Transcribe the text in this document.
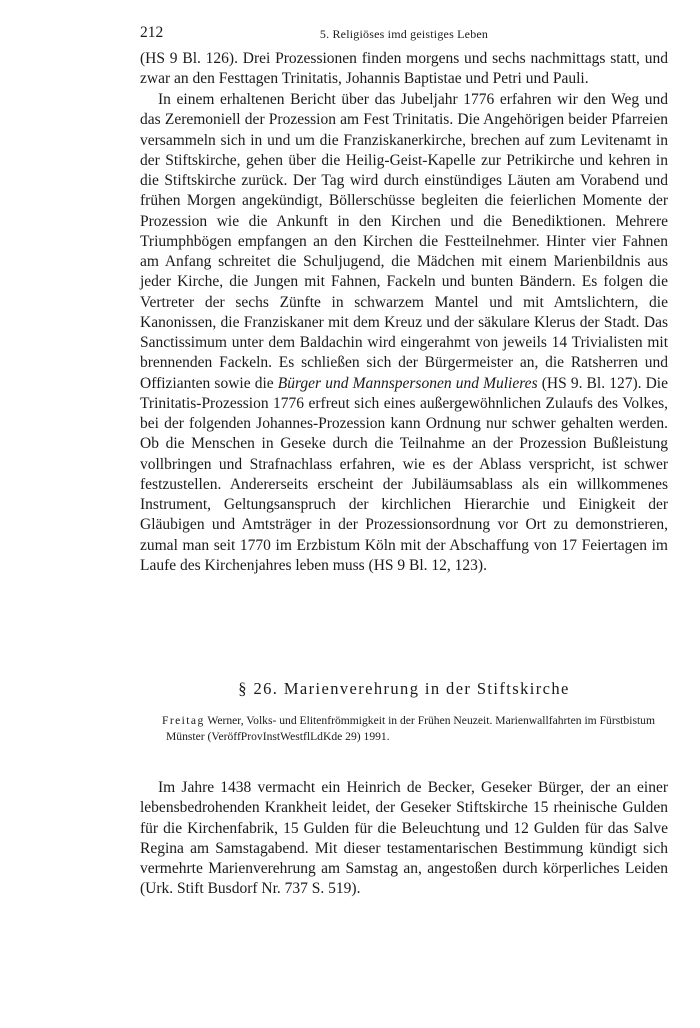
212	5. Religiöses imd geistiges Leben

(HS 9 Bl. 126). Drei Prozessionen finden morgens und sechs nachmittags statt, und zwar an den Festtagen Trinitatis, Johannis Baptistae und Petri und Pauli.

In einem erhaltenen Bericht über das Jubeljahr 1776 erfahren wir den Weg und das Zeremoniell der Prozession am Fest Trinitatis. Die Angehörigen beider Pfarreien versammeln sich in und um die Franziskanerkirche, brechen auf zum Levitenamt in der Stiftskirche, gehen über die Heilig-Geist-Kapelle zur Petrikirche und kehren in die Stiftskirche zurück. Der Tag wird durch einstündiges Läuten am Vorabend und frühen Morgen angekündigt, Böllerschüsse begleiten die feierlichen Momente der Prozession wie die Ankunft in den Kirchen und die Benediktionen. Mehrere Triumphbögen empfangen an den Kirchen die Festteilnehmer. Hinter vier Fahnen am Anfang schreitet die Schuljugend, die Mädchen mit einem Marienbildnis aus jeder Kirche, die Jungen mit Fahnen, Fackeln und bunten Bändern. Es folgen die Vertreter der sechs Zünfte in schwarzem Mantel und mit Amtslichtern, die Kanonissen, die Franziskaner mit dem Kreuz und der säkulare Klerus der Stadt. Das Sanctissimum unter dem Baldachin wird eingerahmt von jeweils 14 Trivialisten mit brennenden Fackeln. Es schließen sich der Bürgermeister an, die Ratsherren und Offizianten sowie die Bürger und Mannspersonen und Mulieres (HS 9. Bl. 127). Die Trinitatis-Prozession 1776 erfreut sich eines außergewöhnlichen Zulaufs des Volkes, bei der folgenden Johannes-Prozession kann Ordnung nur schwer gehalten werden. Ob die Menschen in Geseke durch die Teilnahme an der Prozession Bußleistung vollbringen und Strafnachlass erfahren, wie es der Ablass verspricht, ist schwer festzustellen. Andererseits erscheint der Jubiläumsablass als ein willkommenes Instrument, Geltungsanspruch der kirchlichen Hierarchie und Einigkeit der Gläubigen und Amtsträger in der Prozessionsordnung vor Ort zu demonstrieren, zumal man seit 1770 im Erzbistum Köln mit der Abschaffung von 17 Feiertagen im Laufe des Kirchenjahres leben muss (HS 9 Bl. 12, 123).

§ 26. Marienverehrung in der Stiftskirche

Freitag Werner, Volks- und Elitenfrömmigkeit in der Frühen Neuzeit. Marienwallfahrten im Fürstbistum Münster (VeröffProvInstWestflLdKde 29) 1991.

Im Jahre 1438 vermacht ein Heinrich de Becker, Geseker Bürger, der an einer lebensbedrohenden Krankheit leidet, der Geseker Stiftskirche 15 rheinische Gulden für die Kirchenfabrik, 15 Gulden für die Beleuchtung und 12 Gulden für das Salve Regina am Samstagabend. Mit dieser testamentarischen Bestimmung kündigt sich vermehrte Marienverehrung am Samstag an, angestoßen durch körperliches Leiden (Urk. Stift Busdorf Nr. 737 S. 519).
